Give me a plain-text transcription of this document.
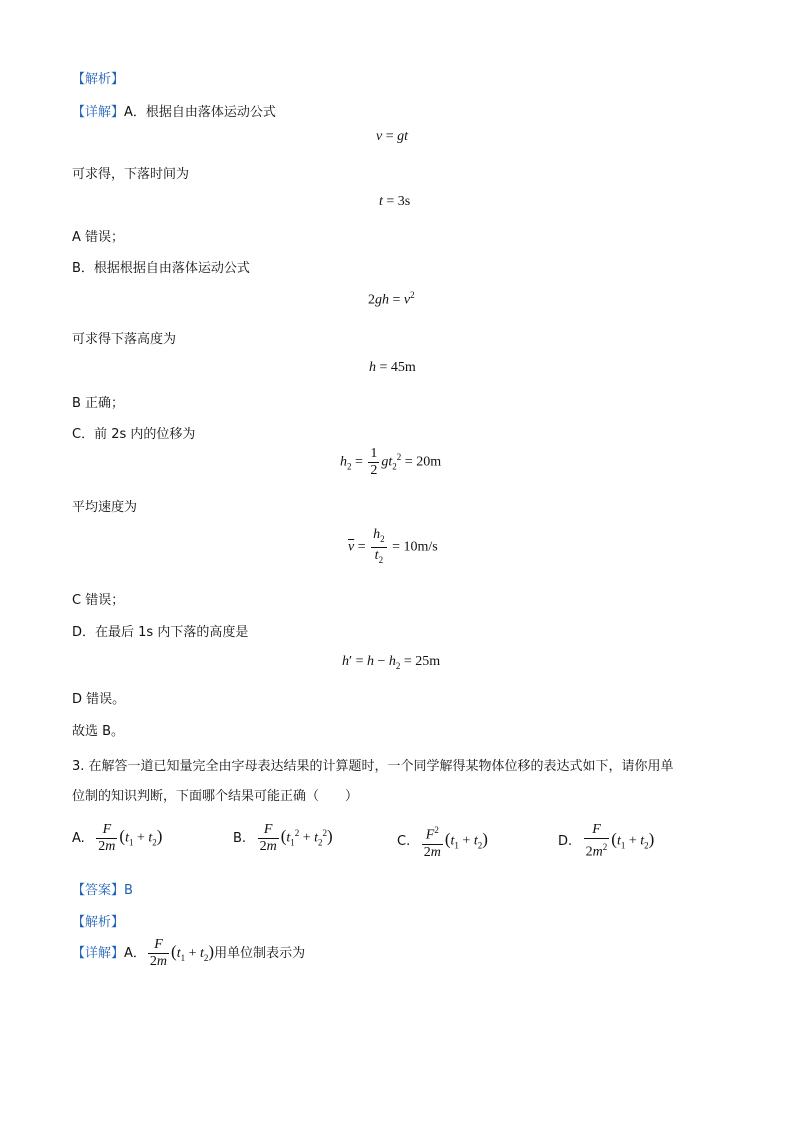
【解析】
【详解】A．根据自由落体运动公式
v = gt
可求得，下落时间为
t = 3s
A 错误；
B．根据根据自由落体运动公式
$2gh = v^2$
可求得下落高度为
h = 45m
B 正确；
C．前 2s 内的位移为
$h_2 = \frac{1}{2} gt_2^2 = 20m$
平均速度为
$\overline{v} = \frac{h_2}{t_2} = 10m/s$
C 错误；
D．在最后 1s 内下落的高度是
$h' = h - h_2 = 25m$
D 错误。
故选 B。
3. 在解答一道已知量完全由字母表达结果的计算题时，一个同学解得某物体位移的表达式如下，请你用单
位制的知识判断，下面哪个结果可能正确（　　）
A. $\frac{F}{2m} (t_1 + t_2)$	B. $\frac{F}{2m} (t_1^2 + t_2^2)$	C. $\frac{F^2}{2m} (t_1 + t_2)$	D. $\frac{F}{2m^2} (t_1 + t_2)$
【答案】B
【解析】
【详解】A． $\frac{F}{2m} (t_1 + t_2)$用单位制表示为
